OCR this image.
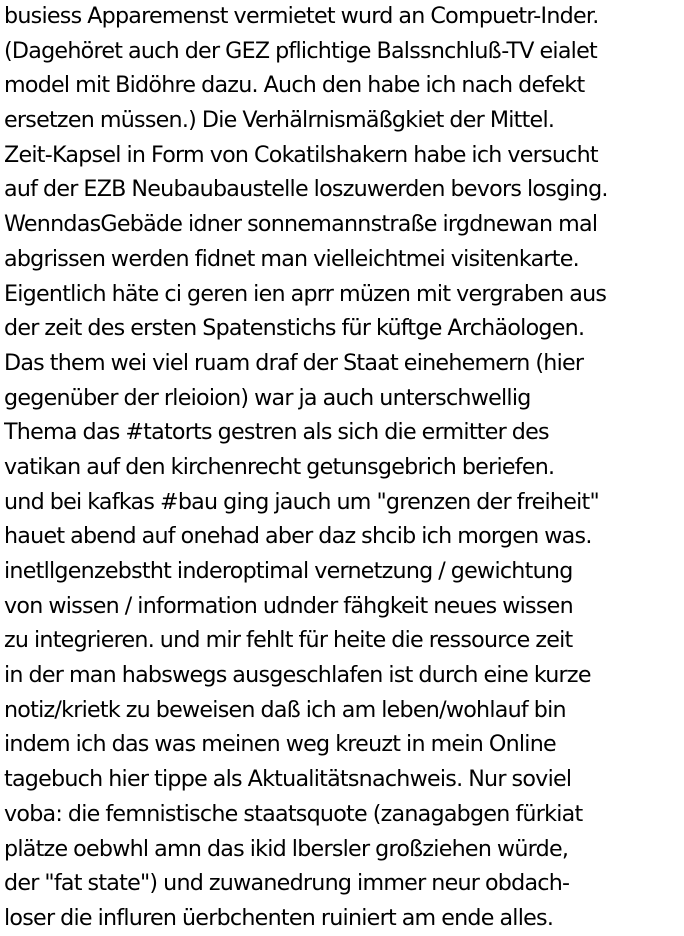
busiess Apparemenst vermietet wurd an Compuetr-Inder.
(Dagehöret auch der GEZ pflichtige Balssnchluß-TV eialet
model mit Bidöhre dazu. Auch den habe ich nach defekt
ersetzen müssen.) Die Verhälrnismäßgkiet der Mittel.
Zeit-Kapsel in Form von Cokatilshakern habe ich versucht
auf der EZB Neubaubaustelle loszuwerden bevors losging.
WenndasGebäde idner sonnemannstraße irgdnewan mal
abgrissen werden fidnet man vielleichtmei visitenkarte.
Eigentlich häte ci geren ien aprr müzen mit vergraben aus
der zeit des ersten Spatenstichs für küftge Archäologen.
Das them wei viel ruam draf der Staat einehemern (hier
gegenüber der rleioion) war ja auch unterschwellig
Thema das #tatorts gestren als sich die ermitter des
vatikan auf den kirchenrecht getunsgebrich beriefen.
und bei kafkas #bau ging jauch um "grenzen der freiheit"
hauet abend auf onehad aber daz shcib ich morgen was.
inetllgenzebstht inderoptimal vernetzung / gewichtung
von wissen / information udnder fähgkeit neues wissen
zu integrieren. und mir fehlt für heite die ressource zeit
in der man habswegs ausgeschlafen ist durch eine kurze
notiz/krietk zu beweisen daß ich am leben/wohlauf bin
indem ich das was meinen weg kreuzt in mein Online
tagebuch hier tippe als Aktualitätsnachweis. Nur soviel
voba: die femnistische staatsquote (zanagabgen fürkiat
plätze oebwhl amn das ikid lbersler großziehen würde,
der "fat state") und zuwanedrung immer neur obdach-
loser die influren üerbchenten ruiniert am ende alles.
